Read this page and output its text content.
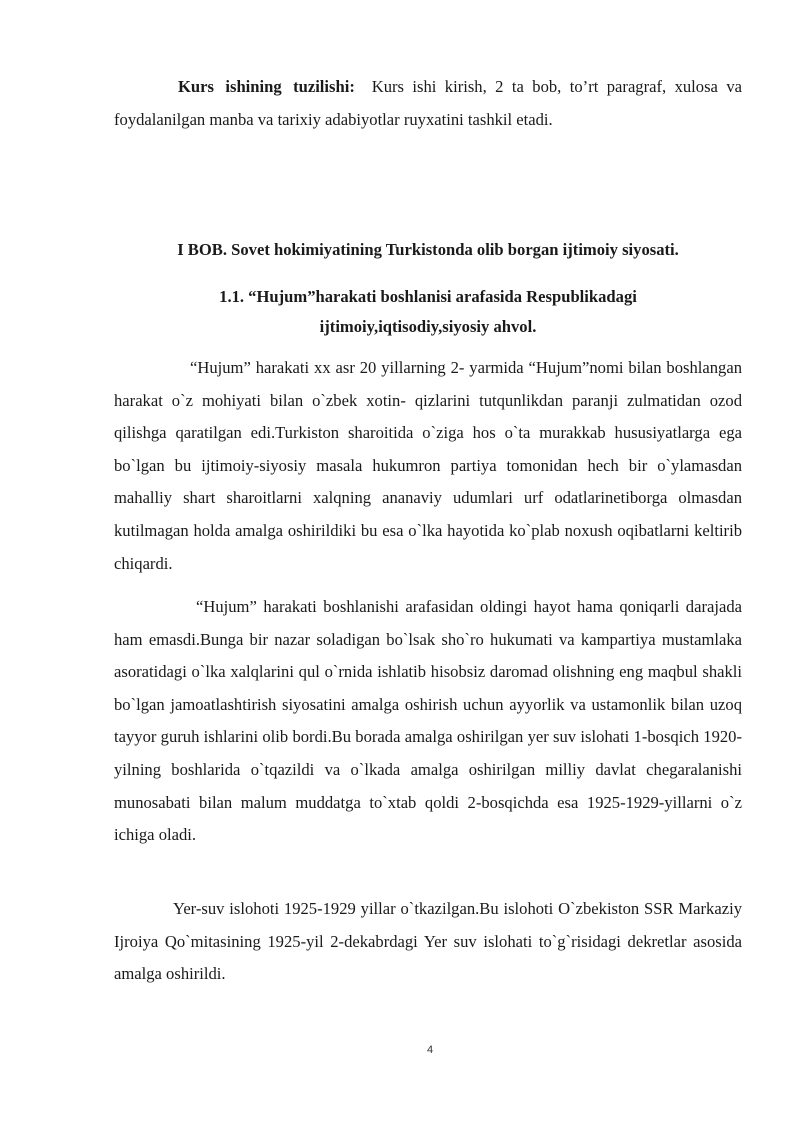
Kurs ishining tuzilishi: Kurs ishi kirish, 2 ta bob, to’rt paragraf, xulosa va foydalanilgan manba va tarixiy adabiyotlar ruyxatini tashkil etadi.

I BOB. Sovet hokimiyatining Turkistonda olib borgan ijtimoiy siyosati.
1.1. “Hujum”harakati boshlanisi arafasida Respublikadagi
ijtimoiy,iqtisodiy,siyosiy ahvol.

“Hujum” harakati xx asr 20 yillarning 2- yarmida “Hujum”nomi bilan boshlangan harakat o`z mohiyati bilan o`zbek xotin- qizlarini tutqunlikdan paranji zulmatidan ozod qilishga qaratilgan edi.Turkiston sharoitida o`ziga hos o`ta murakkab hususiyatlarga ega bo`lgan bu ijtimoiy-siyosiy masala hukumron partiya tomonidan hech bir o`ylamasdan mahalliy shart sharoitlarni xalqning ananaviy udumlari urf odatlarinetiborga olmasdan kutilmagan holda amalga oshirildiki bu esa o`lka hayotida ko`plab noxush oqibatlarni keltirib chiqardi.

“Hujum” harakati boshlanishi arafasidan oldingi hayot hama qoniqarli darajada ham emasdi.Bunga bir nazar soladigan bo`lsak sho`ro hukumati va kampartiya mustamlaka asoratidagi o`lka xalqlarini qul o`rnida ishlatib hisobsiz daromad olishning eng maqbul shakli bo`lgan jamoatlashtirish siyosatini amalga oshirish uchun ayyorlik va ustamonlik bilan uzoq tayyor guruh ishlarini olib bordi.Bu borada amalga oshirilgan yer suv islohati 1-bosqich 1920-yilning boshlarida o`tqazildi va o`lkada amalga oshirilgan milliy davlat chegaralanishi munosabati bilan malum muddatga to`xtab qoldi 2-bosqichda esa 1925-1929-yillarni o`z ichiga oladi.

Yer-suv islohoti 1925-1929 yillar o`tkazilgan.Bu islohoti O`zbekiston SSR Markaziy Ijroiya Qo`mitasining 1925-yil 2-dekabrdagi Yer suv islohati to`g`risidagi dekretlar asosida amalga oshirildi.

4
